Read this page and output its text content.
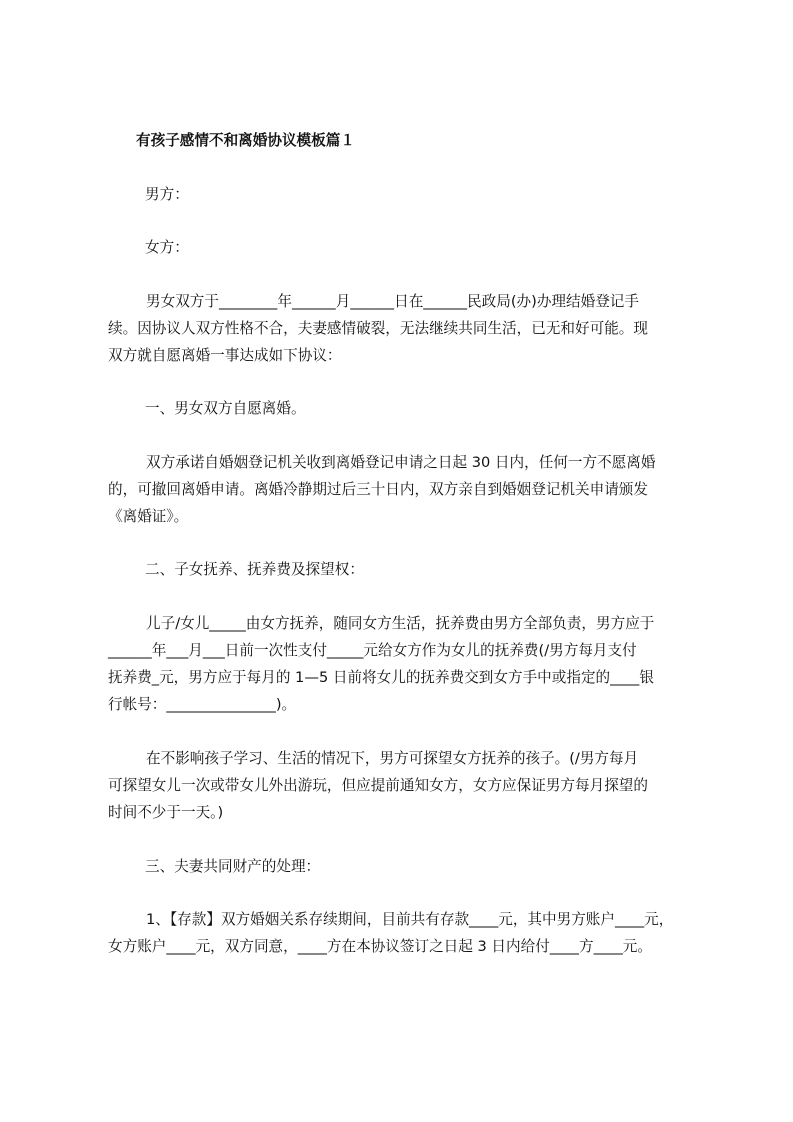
有孩子感情不和离婚协议模板篇１
男方：
女方：
男女双方于________年______月______日在______民政局(办)办理结婚登记手
续。因协议人双方性格不合，夫妻感情破裂，无法继续共同生活，已无和好可能。现
双方就自愿离婚一事达成如下协议：
一、男女双方自愿离婚。
双方承诺自婚姻登记机关收到离婚登记申请之日起 30 日内，任何一方不愿离婚
的，可撤回离婚申请。离婚冷静期过后三十日内，双方亲自到婚姻登记机关申请颁发
《离婚证》。
二、子女抚养、抚养费及探望权：
儿子/女儿_____由女方抚养，随同女方生活，抚养费由男方全部负责，男方应于
______年___月___日前一次性支付_____元给女方作为女儿的抚养费(/男方每月支付
抚养费_元，男方应于每月的 1—5 日前将女儿的抚养费交到女方手中或指定的____银
行帐号：_______________)。
在不影响孩子学习、生活的情况下，男方可探望女方抚养的孩子。(/男方每月
可探望女儿一次或带女儿外出游玩，但应提前通知女方，女方应保证男方每月探望的
时间不少于一天。)
三、夫妻共同财产的处理：
1、【存款】双方婚姻关系存续期间，目前共有存款____元，其中男方账户____元，
女方账户____元，双方同意，____方在本协议签订之日起 3 日内给付____方____元。
